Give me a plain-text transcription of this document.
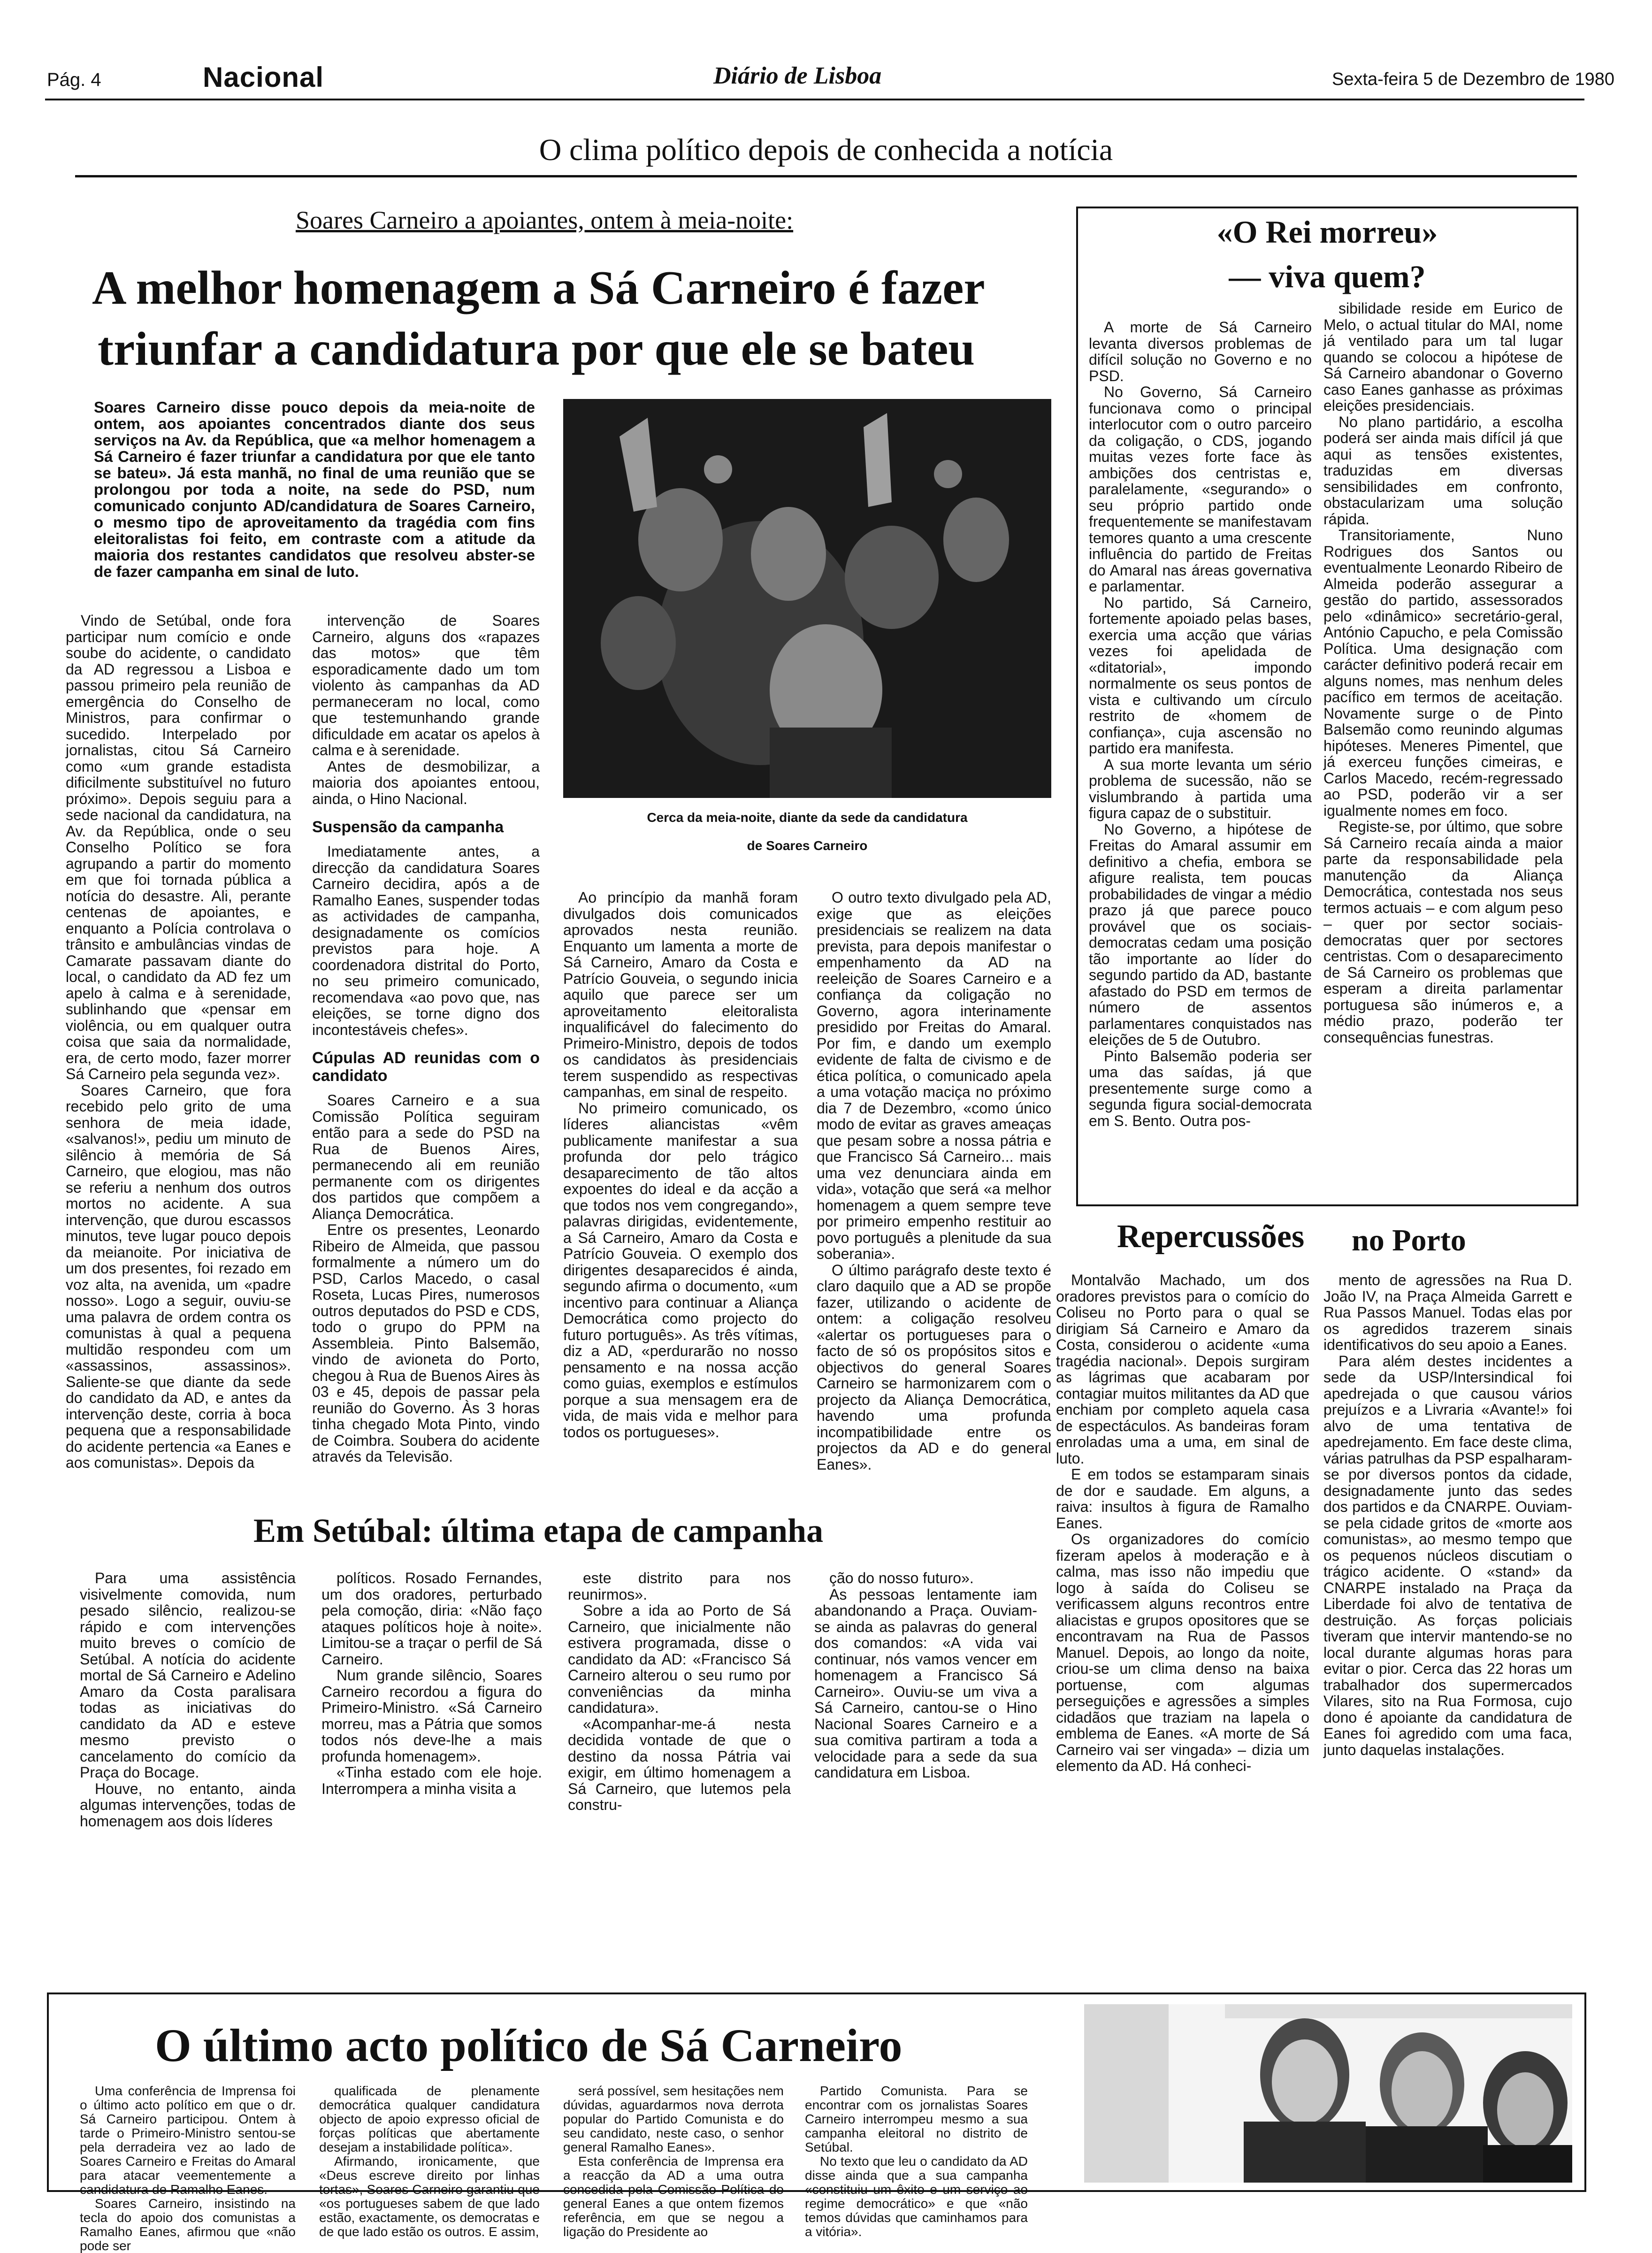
Pág. 4	Nacional	Diário de Lisboa	Sexta-feira 5 de Dezembro de 1980
O clima político depois de conhecida a notícia
Soares Carneiro a apoiantes, ontem à meia-noite:
A melhor homenagem a Sá Carneiro é fazer
triunfar a candidatura por que ele se bateu
Soares Carneiro disse pouco depois da meia-noite de ontem, aos apoiantes concentrados diante dos seus serviços na Av. da República, que «a melhor homenagem a Sá Carneiro é fazer triunfar a candidatura por que ele tanto se bateu». Já esta manhã, no final de uma reunião que se prolongou por toda a noite, na sede do PSD, num comunicado conjunto AD/candidatura de Soares Carneiro, o mesmo tipo de aproveitamento da tragédia com fins eleitoralistas foi feito, em contraste com a atitude da maioria dos restantes candidatos que resolveu abster-se de fazer campanha em sinal de luto.
Cerca da meia-noite, diante da sede da candidatura
de Soares Carneiro

Vindo de Setúbal, onde fora participar num comício e onde soube do acidente, o candidato da AD regressou a Lisboa e passou primeiro pela reunião de emergência do Conselho de Ministros, para confirmar o sucedido. Interpelado por jornalistas, citou Sá Carneiro como «um grande estadista dificilmente substituível no futuro próximo». Depois seguiu para a sede nacional da candidatura, na Av. da República, onde o seu Conselho Político se fora agrupando a partir do momento em que foi tornada pública a notícia do desastre. Ali, perante centenas de apoiantes, e enquanto a Polícia controlava o trânsito e ambulâncias vindas de Camarate passavam diante do local, o candidato da AD fez um apelo à calma e à serenidade, sublinhando que «pensar em violência, ou em qualquer outra coisa que saia da normalidade, era, de certo modo, fazer morrer Sá Carneiro pela segunda vez».

Soares Carneiro, que fora recebido pelo grito de uma senhora de meia idade, «salvanos!», pediu um minuto de silêncio à memória de Sá Carneiro, que elogiou, mas não se referiu a nenhum dos outros mortos no acidente. A sua intervenção, que durou escassos minutos, teve lugar pouco depois da meianoite. Por iniciativa de um dos presentes, foi rezado em voz alta, na avenida, um «padre nosso». Logo a seguir, ouviu-se uma palavra de ordem contra os comunistas à qual a pequena multidão respondeu com um «assassinos, assassinos». Saliente-se que diante da sede do candidato da AD, e antes da intervenção deste, corria à boca pequena que a responsabilidade do acidente pertencia «a Eanes e aos comunistas». Depois da

intervenção de Soares Carneiro, alguns dos «rapazes das motos» que têm esporadicamente dado um tom violento às campanhas da AD permaneceram no local, como que testemunhando grande dificuldade em acatar os apelos à calma e à serenidade.

Antes de desmobilizar, a maioria dos apoiantes entoou, ainda, o Hino Nacional.

Suspensão da campanha

Imediatamente antes, a direcção da candidatura Soares Carneiro decidira, após a de Ramalho Eanes, suspender todas as actividades de campanha, designadamente os comícios previstos para hoje. A coordenadora distrital do Porto, no seu primeiro comunicado, recomendava «ao povo que, nas eleições, se torne digno dos incontestáveis chefes».

Cúpulas AD reunidas com o candidato

Soares Carneiro e a sua Comissão Política seguiram então para a sede do PSD na Rua de Buenos Aires, permanecendo ali em reunião permanente com os dirigentes dos partidos que compõem a Aliança Democrática.

Entre os presentes, Leonardo Ribeiro de Almeida, que passou formalmente a número um do PSD, Carlos Macedo, o casal Roseta, Lucas Pires, numerosos outros deputados do PSD e CDS, todo o grupo do PPM na Assembleia. Pinto Balsemão, vindo de avioneta do Porto, chegou à Rua de Buenos Aires às 03 e 45, depois de passar pela reunião do Governo. Às 3 horas tinha chegado Mota Pinto, vindo de Coimbra. Soubera do acidente através da Televisão.

Ao princípio da manhã foram divulgados dois comunicados aprovados nesta reunião. Enquanto um lamenta a morte de Sá Carneiro, Amaro da Costa e Patrício Gouveia, o segundo inicia aquilo que parece ser um aproveitamento eleitoralista inqualificável do falecimento do Primeiro-Ministro, depois de todos os candidatos às presidenciais terem suspendido as respectivas campanhas, em sinal de respeito.

No primeiro comunicado, os líderes aliancistas «vêm publicamente manifestar a sua profunda dor pelo trágico desaparecimento de tão altos expoentes do ideal e da acção a que todos nos vem congregando», palavras dirigidas, evidentemente, a Sá Carneiro, Amaro da Costa e Patrício Gouveia. O exemplo dos dirigentes desaparecidos é ainda, segundo afirma o documento, «um incentivo para continuar a Aliança Democrática como projecto do futuro português». As três vítimas, diz a AD, «perdurarão no nosso pensamento e na nossa acção como guias, exemplos e estímulos porque a sua mensagem era de vida, de mais vida e melhor para todos os portugueses».

O outro texto divulgado pela AD, exige que as eleições presidenciais se realizem na data prevista, para depois manifestar o empenhamento da AD na reeleição de Soares Carneiro e a confiança da coligação no Governo, agora interinamente presidido por Freitas do Amaral. Por fim, e dando um exemplo evidente de falta de civismo e de ética política, o comunicado apela a uma votação maciça no próximo dia 7 de Dezembro, «como único modo de evitar as graves ameaças que pesam sobre a nossa pátria e que Francisco Sá Carneiro... mais uma vez denunciara ainda em vida», votação que será «a melhor homenagem a quem sempre teve por primeiro empenho restituir ao povo português a plenitude da sua soberania».

O último parágrafo deste texto é claro daquilo que a AD se propõe fazer, utilizando o acidente de ontem: a coligação resolveu «alertar os portugueses para o facto de só os propósitos sitos e objectivos do general Soares Carneiro se harmonizarem com o projecto da Aliança Democrática, havendo uma profunda incompatibilidade entre os projectos da AD e do general Eanes».

«O Rei morreu»
— viva quem?

A morte de Sá Carneiro levanta diversos problemas de difícil solução no Governo e no PSD.

No Governo, Sá Carneiro funcionava como o principal interlocutor com o outro parceiro da coligação, o CDS, jogando muitas vezes forte face às ambições dos centristas e, paralelamente, «segurando» o seu próprio partido onde frequentemente se manifestavam temores quanto a uma crescente influência do partido de Freitas do Amaral nas áreas governativa e parlamentar.

No partido, Sá Carneiro, fortemente apoiado pelas bases, exercia uma acção que várias vezes foi apelidada de «ditatorial», impondo normalmente os seus pontos de vista e cultivando um círculo restrito de «homem de confiança», cuja ascensão no partido era manifesta.

A sua morte levanta um sério problema de sucessão, não se vislumbrando à partida uma figura capaz de o substituir.

No Governo, a hipótese de Freitas do Amaral assumir em definitivo a chefia, embora se afigure realista, tem poucas probabilidades de vingar a médio prazo já que parece pouco provável que os sociais-democratas cedam uma posição tão importante ao líder do segundo partido da AD, bastante afastado do PSD em termos de número de assentos parlamentares conquistados nas eleições de 5 de Outubro.

Pinto Balsemão poderia ser uma das saídas, já que presentemente surge como a segunda figura social-democrata em S. Bento. Outra pos-

sibilidade reside em Eurico de Melo, o actual titular do MAI, nome já ventilado para um tal lugar quando se colocou a hipótese de Sá Carneiro abandonar o Governo caso Eanes ganhasse as próximas eleições presidenciais.

No plano partidário, a escolha poderá ser ainda mais difícil já que aqui as tensões existentes, traduzidas em diversas sensibilidades em confronto, obstacularizam uma solução rápida.

Transitoriamente, Nuno Rodrigues dos Santos ou eventualmente Leonardo Ribeiro de Almeida poderão assegurar a gestão do partido, assessorados pelo «dinâmico» secretário-geral, António Capucho, e pela Comissão Política. Uma designação com carácter definitivo poderá recair em alguns nomes, mas nenhum deles pacífico em termos de aceitação. Novamente surge o de Pinto Balsemão como reunindo algumas hipóteses. Meneres Pimentel, que já exerceu funções cimeiras, e Carlos Macedo, recém-regressado ao PSD, poderão vir a ser igualmente nomes em foco.

Registe-se, por último, que sobre Sá Carneiro recaía ainda a maior parte da responsabilidade pela manutenção da Aliança Democrática, contestada nos seus termos actuais – e com algum peso – quer por sector sociais-democratas quer por sectores centristas. Com o desaparecimento de Sá Carneiro os problemas que esperam a direita parlamentar portuguesa são inúmeros e, a médio prazo, poderão ter consequências funestras.

Repercussões no Porto

Montalvão Machado, um dos oradores previstos para o comício do Coliseu no Porto para o qual se dirigiam Sá Carneiro e Amaro da Costa, considerou o acidente «uma tragédia nacional». Depois surgiram as lágrimas que acabaram por contagiar muitos militantes da AD que enchiam por completo aquela casa de espectáculos. As bandeiras foram enroladas uma a uma, em sinal de luto.

E em todos se estamparam sinais de dor e saudade. Em alguns, a raiva: insultos à figura de Ramalho Eanes.

Os organizadores do comício fizeram apelos à moderação e à calma, mas isso não impediu que logo à saída do Coliseu se verificassem alguns recontros entre aliacistas e grupos opositores que se encontravam na Rua de Passos Manuel. Depois, ao longo da noite, criou-se um clima denso na baixa portuense, com algumas perseguições e agressões a simples cidadãos que traziam na lapela o emblema de Eanes. «A morte de Sá Carneiro vai ser vingada» – dizia um elemento da AD. Há conheci-

mento de agressões na Rua D. João IV, na Praça Almeida Garrett e Rua Passos Manuel. Todas elas por os agredidos trazerem sinais identificativos do seu apoio a Eanes.

Para além destes incidentes a sede da USP/Intersindical foi apedrejada o que causou vários prejuízos e a Livraria «Avante!» foi alvo de uma tentativa de apedrejamento. Em face deste clima, várias patrulhas da PSP espalharam-se por diversos pontos da cidade, designadamente junto das sedes dos partidos e da CNARPE. Ouviam-se pela cidade gritos de «morte aos comunistas», ao mesmo tempo que os pequenos núcleos discutiam o trágico acidente. O «stand» da CNARPE instalado na Praça da Liberdade foi alvo de tentativa de destruição. As forças policiais tiveram que intervir mantendo-se no local durante algumas horas para evitar o pior. Cerca das 22 horas um trabalhador dos supermercados Vilares, sito na Rua Formosa, cujo dono é apoiante da candidatura de Eanes foi agredido com uma faca, junto daquelas instalações.

Em Setúbal: última etapa de campanha

Para uma assistência visivelmente comovida, num pesado silêncio, realizou-se rápido e com intervenções muito breves o comício de Setúbal. A notícia do acidente mortal de Sá Carneiro e Adelino Amaro da Costa paralisara todas as iniciativas do candidato da AD e esteve mesmo previsto o cancelamento do comício da Praça do Bocage.

Houve, no entanto, ainda algumas intervenções, todas de homenagem aos dois líderes

políticos. Rosado Fernandes, um dos oradores, perturbado pela comoção, diria: «Não faço ataques políticos hoje à noite». Limitou-se a traçar o perfil de Sá Carneiro.

Num grande silêncio, Soares Carneiro recordou a figura do Primeiro-Ministro. «Sá Carneiro morreu, mas a Pátria que somos todos nós deve-lhe a mais profunda homenagem».

«Tinha estado com ele hoje. Interrompera a minha visita a

este distrito para nos reunirmos».

Sobre a ida ao Porto de Sá Carneiro, que inicialmente não estivera programada, disse o candidato da AD: «Francisco Sá Carneiro alterou o seu rumo por conveniências da minha candidatura».

«Acompanhar-me-á nesta decidida vontade de que o destino da nossa Pátria vai exigir, em último homenagem a Sá Carneiro, que lutemos pela constru-

ção do nosso futuro».

As pessoas lentamente iam abandonando a Praça. Ouviam-se ainda as palavras do general dos comandos: «A vida vai continuar, nós vamos vencer em homenagem a Francisco Sá Carneiro». Ouviu-se um viva a Sá Carneiro, cantou-se o Hino Nacional Soares Carneiro e a sua comitiva partiram a toda a velocidade para a sede da sua candidatura em Lisboa.

O último acto político de Sá Carneiro

Uma conferência de Imprensa foi o último acto político em que o dr. Sá Carneiro participou. Ontem à tarde o Primeiro-Ministro sentou-se pela derradeira vez ao lado de Soares Carneiro e Freitas do Amaral para atacar veementemente a candidatura de Ramalho Eanes.

Soares Carneiro, insistindo na tecla do apoio dos comunistas a Ramalho Eanes, afirmou que «não pode ser

qualificada de plenamente democrática qualquer candidatura objecto de apoio expresso oficial de forças políticas que abertamente desejam a instabilidade política».

Afirmando, ironicamente, que «Deus escreve direito por linhas tortas», Soares Carneiro garantiu que «os portugueses sabem de que lado estão, exactamente, os democratas e de que lado estão os outros. E assim,

será possível, sem hesitações nem dúvidas, aguardarmos nova derrota popular do Partido Comunista e do seu candidato, neste caso, o senhor general Ramalho Eanes».

Esta conferência de Imprensa era a reacção da AD a uma outra concedida pela Comissão Política do general Eanes a que ontem fizemos referência, em que se negou a ligação do Presidente ao

Partido Comunista. Para se encontrar com os jornalistas Soares Carneiro interrompeu mesmo a sua campanha eleitoral no distrito de Setúbal.

No texto que leu o candidato da AD disse ainda que a sua campanha «constituiu um êxito e um serviço ao regime democrático» e que «não temos dúvidas que caminhamos para a vitória».
